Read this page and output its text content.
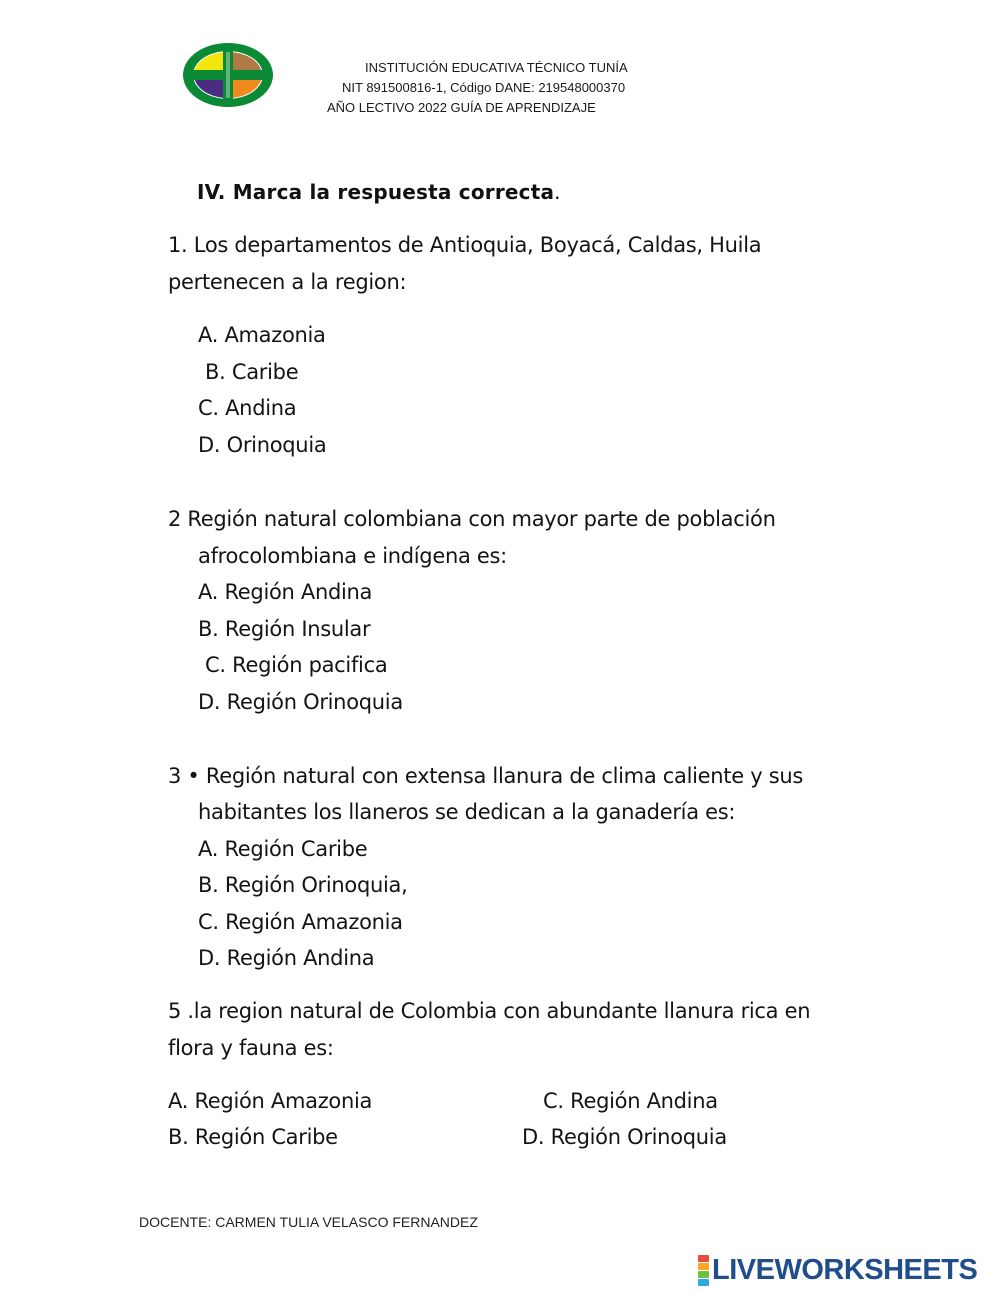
INSTITUCIÓN EDUCATIVA TÉCNICO TUNÍA
NIT 891500816-1, Código DANE: 219548000370
AÑO LECTIVO 2022 GUÍA DE APRENDIZAJE
IV. Marca la respuesta correcta.
1. Los departamentos de Antioquia, Boyacá, Caldas, Huila
pertenecen a la region:
A. Amazonia
B. Caribe
C. Andina
D. Orinoquia
2 Región natural colombiana con mayor parte de población
afrocolombiana e indígena es:
A. Región Andina
B. Región Insular
C. Región pacifica
D. Región Orinoquia
3 • Región natural con extensa llanura de clima caliente y sus
habitantes los llaneros se dedican a la ganadería es:
A. Región Caribe
B. Región Orinoquia,
C. Región Amazonia
D. Región Andina
5 .la region natural de Colombia con abundante llanura rica en
flora y fauna es:
A. Región Amazonia	C. Región Andina
B. Región Caribe	D. Región Orinoquia
DOCENTE: CARMEN TULIA VELASCO FERNANDEZ
LIVEWORKSHEETS
